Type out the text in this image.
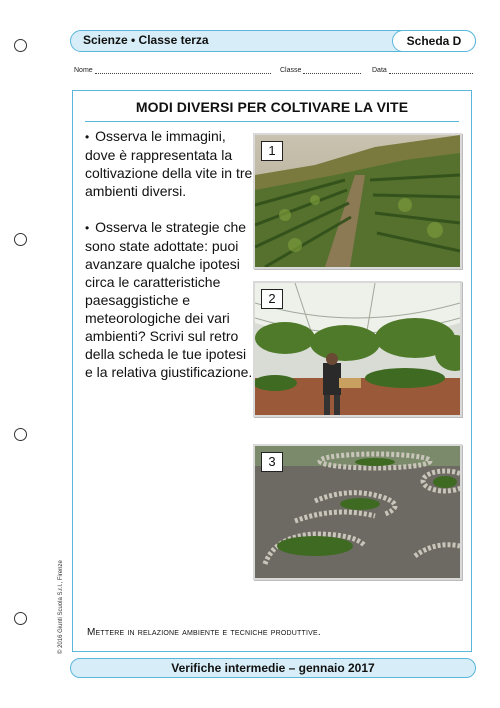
Scienze • Classe terza	Scheda D
Nome	Classe	Data
MODI DIVERSI PER COLTIVARE LA VITE

• Osserva le immagini, dove è rappresentata la coltivazione della vite in tre ambienti diversi.

• Osserva le strategie che sono state adottate: puoi avanzare qualche ipotesi circa le caratteristiche paesaggistiche e meteorologiche dei vari ambienti? Scrivi sul retro della scheda le tue ipotesi e la relativa giustificazione.

1
2
3
Mettere in relazione ambiente e tecniche produttive.
© 2016 Giunti Scuola S.r.l., Firenze
Verifiche intermedie – gennaio 2017
